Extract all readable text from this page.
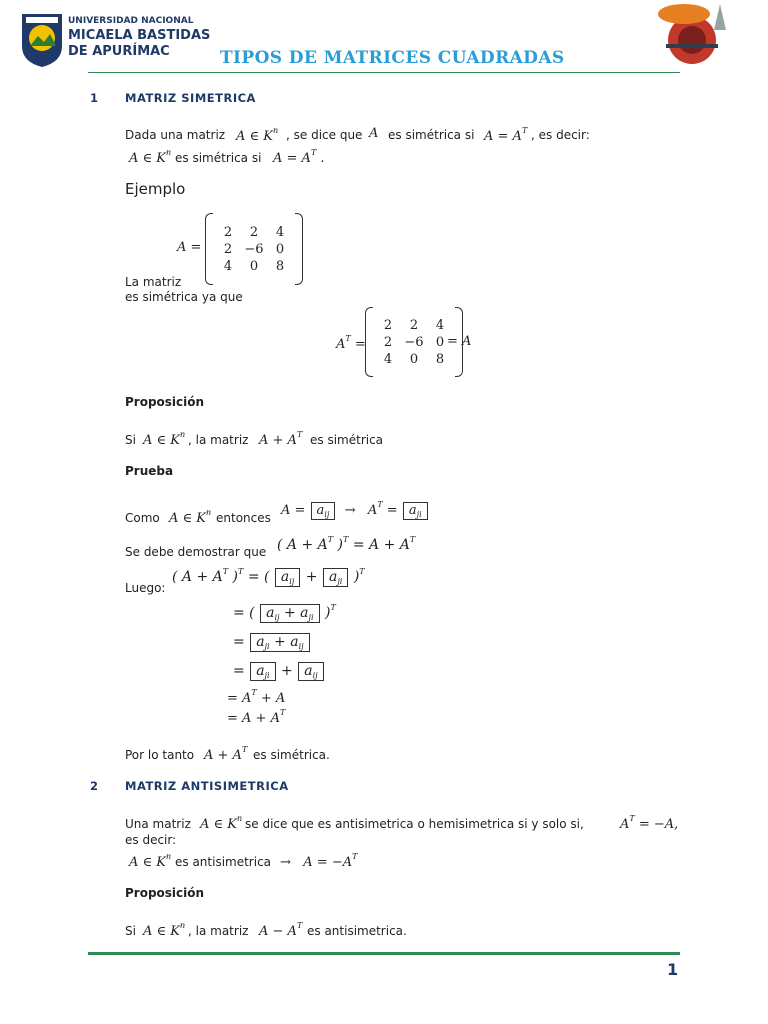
UNIVERSIDAD NACIONAL
MICAELA BASTIDAS
DE APURÍMAC	TIPOS DE MATRICES CUADRADAS
1 MATRIZ SIMETRICA
Dada una matriz A ∈ $K^n$ , se dice que A es simétrica si $A = A^T$ , es decir:
A ∈ $K^n$ es simétrica si $A = A^T$ .
Ejemplo
A =
2	2	4
2 −6 0
4	0	8
La matriz
es simétrica ya que
$A^T$ =
2	2	4
2 −6 0
4	0	8
= A
Proposición
Si A ∈ $K^n$ , la matriz $A + A^T$ es simétrica
Prueba
Como A ∈ $K^n$ entonces $A = a_{ij} \to A^T = a_{ji}$
Se debe demostrar que ( $A + A^T$ )$^T = A + A^T$
Luego:
( $A + A^T$ )$^T$ = ( $a_{ij} + a_{ji}$ )$^T$
= ( $a_{ij} + a_{ji}$ )$^T$
= $a_{ji} + a_{ij}$
= $a_{ji} + a_{ij}$
= $A^T + A$
= $A + A^T$
Por lo tanto $A + A^T$ es simétrica.
2 MATRIZ ANTISIMETRICA
Una matriz A ∈ $K^n$ se dice que es antisimetrica o hemisimetrica si y solo si,	$A^T = -A$,
es decir:
A ∈ $K^n$ es antisimetrica →   $A = -A^T$
Proposición
Si A ∈ $K^n$ , la matriz $A - A^T$ es antisimetrica.
1
